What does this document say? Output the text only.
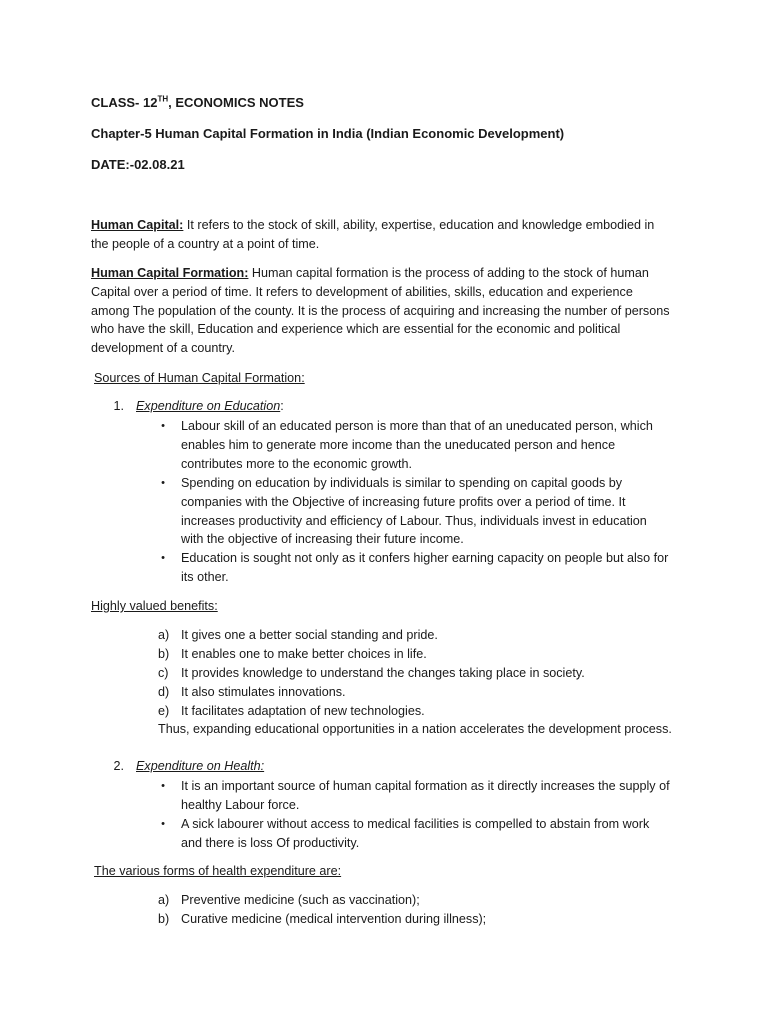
CLASS- 12TH, ECONOMICS NOTES
Chapter-5 Human Capital Formation in India (Indian Economic Development)
DATE:-02.08.21
Human Capital: It refers to the stock of skill, ability, expertise, education and knowledge embodied in
the people of a country at a point of time.
Human Capital Formation: Human capital formation is the process of adding to the stock of human
Capital over a period of time. It refers to development of abilities, skills, education and experience
among The population of the county. It is the process of acquiring and increasing the number of persons
who have the skill, Education and experience which are essential for the economic and political
development of a country.
Sources of Human Capital Formation:
1. Expenditure on Education:
• Labour skill of an educated person is more than that of an uneducated person, which
enables him to generate more income than the uneducated person and hence
contributes more to the economic growth.
• Spending on education by individuals is similar to spending on capital goods by
companies with the Objective of increasing future profits over a period of time. It
increases productivity and efficiency of Labour. Thus, individuals invest in education
with the objective of increasing their future income.
• Education is sought not only as it confers higher earning capacity on people but also for
its other.
Highly valued benefits:
a) It gives one a better social standing and pride.
b) It enables one to make better choices in life.
c) It provides knowledge to understand the changes taking place in society.
d) It also stimulates innovations.
e) It facilitates adaptation of new technologies.
Thus, expanding educational opportunities in a nation accelerates the development process.
2. Expenditure on Health:
• It is an important source of human capital formation as it directly increases the supply of
healthy Labour force.
• A sick labourer without access to medical facilities is compelled to abstain from work
and there is loss Of productivity.
The various forms of health expenditure are:
a) Preventive medicine (such as vaccination);
b) Curative medicine (medical intervention during illness);
